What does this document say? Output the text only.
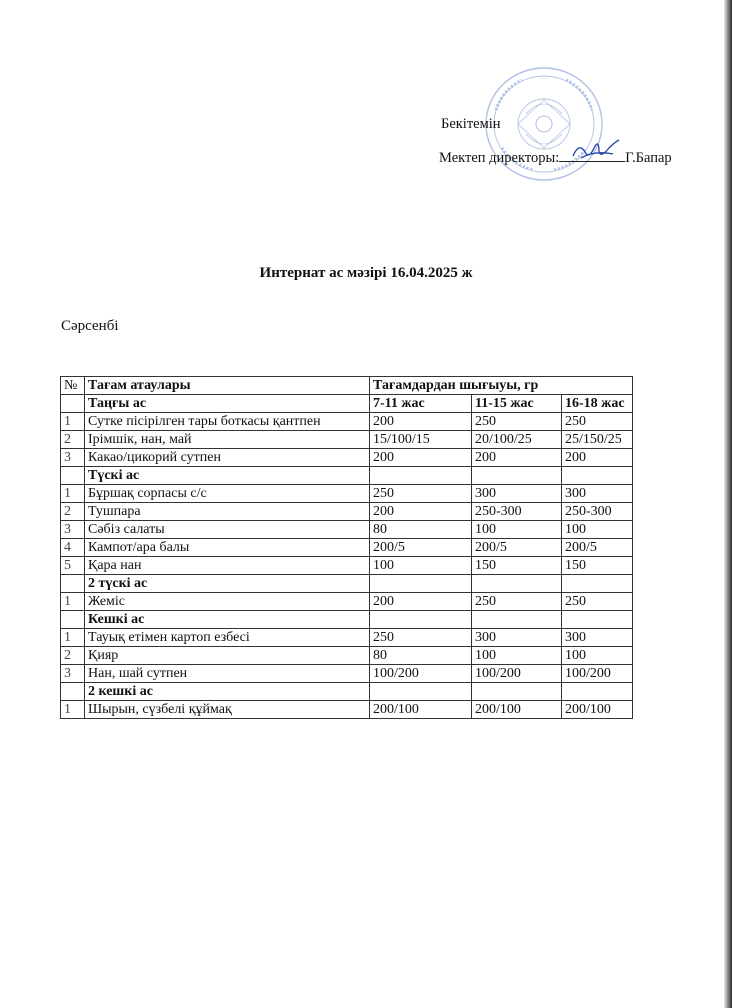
Бекітемін
Мектеп директоры:	Г.Бапар
Интернат ас мәзірі 16.04.2025 ж
Сәрсенбі
№	Тағам атаулары	Тағамдардан шығыуы, гр		
	Таңғы ас	7-11 жас	11-15 жас	16-18 жас
1	Сутке пісірілген тары боткасы қантпен	200	250	250
2	Ірімшік, нан, май	15/100/15	20/100/25	25/150/25
3	Какао/цикорий сутпен	200	200	200
	Түскі ас			
1	Бұршақ сорпасы с/с	250	300	300
2	Тушпара	200	250-300	250-300
3	Сәбіз салаты	80	100	100
4	Кампот/ара балы	200/5	200/5	200/5
5	Қара нан	100	150	150
	2 түскі ас			
1	Жеміс	200	250	250
	Кешкі ас			
1	Тауық етімен картоп езбесі	250	300	300
2	Қияр	80	100	100
3	Нан, шай сутпен	100/200	100/200	100/200
	2 кешкі ас			
1	Шырын, сүзбелі құймақ	200/100	200/100	200/100
